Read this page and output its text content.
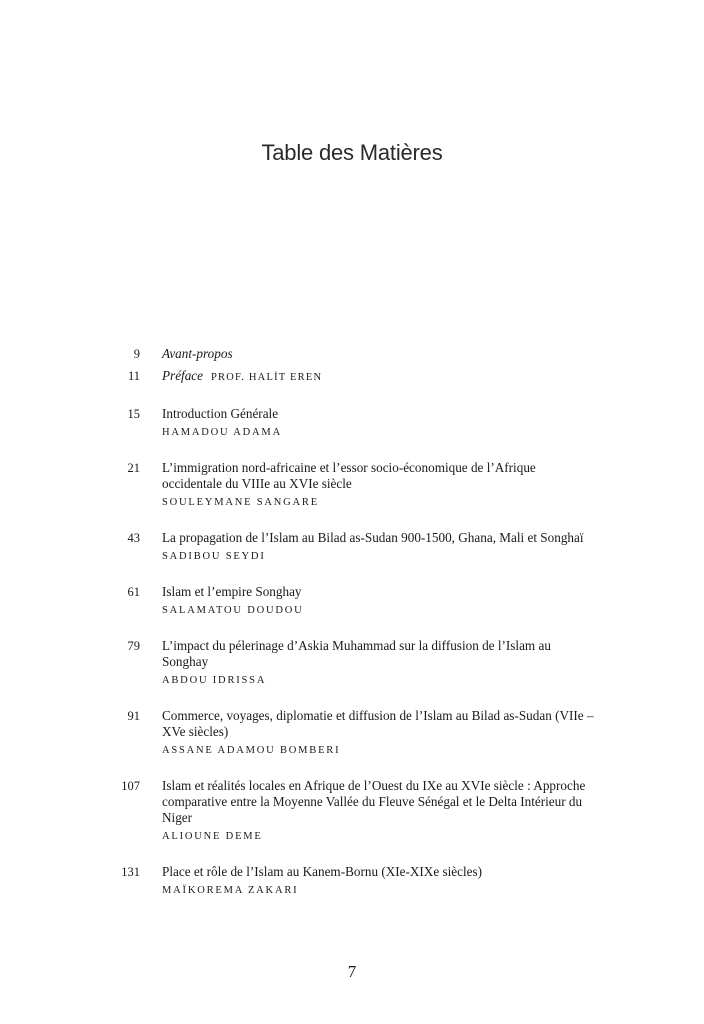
Table des Matières
9 Avant-propos
11 Préface PROF. HALİT EREN
15 Introduction Générale
HAMADOU ADAMA
21 L’immigration nord-africaine et l’essor socio-économique de l’Afrique occidentale du VIIIe au XVIe siècle
SOULEYMANE SANGARE
43 La propagation de l’Islam au Bilad as-Sudan 900-1500, Ghana, Mali et Songhaï
SADIBOU SEYDI
61 Islam et l’empire Songhay
SALAMATOU DOUDOU
79 L’impact du pélerinage d’Askia Muhammad sur la diffusion de l’Islam au Songhay
ABDOU IDRISSA
91 Commerce, voyages, diplomatie et diffusion de l’Islam au Bilad as-Sudan (VIIe –XVe siècles)
ASSANE ADAMOU BOMBERI
107 Islam et réalités locales en Afrique de l’Ouest du IXe au XVIe siècle : Approche comparative entre la Moyenne Vallée du Fleuve Sénégal et le Delta Intérieur du Niger
ALIOUNE DEME
131 Place et rôle de l’Islam au Kanem-Bornu (XIe-XIXe siècles)
MAÏKOREMA ZAKARI
7
